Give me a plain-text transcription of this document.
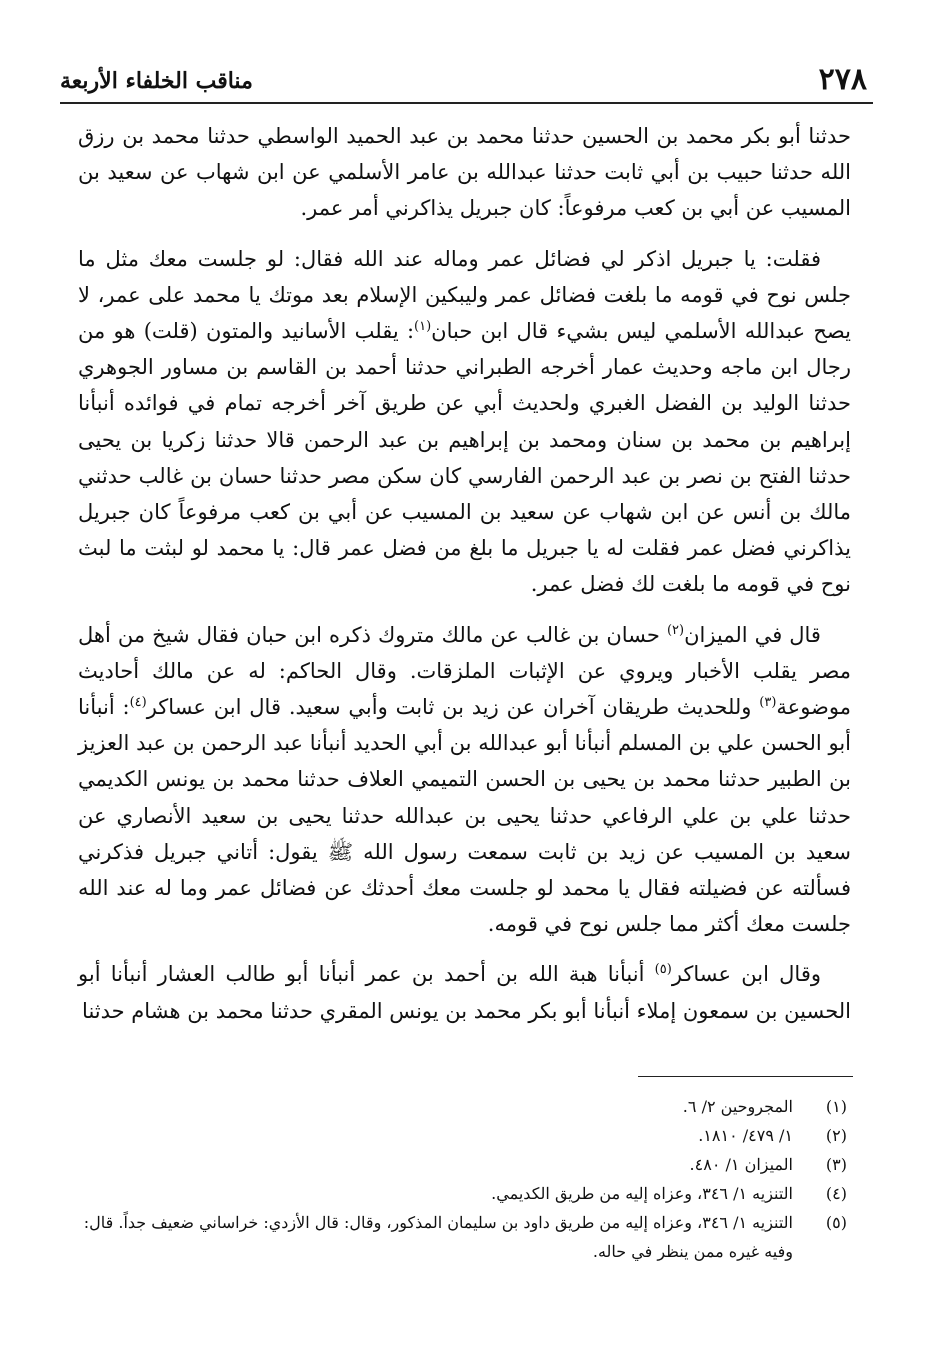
٢٧٨
مناقب الخلفاء الأربعة

حدثنا أبو بكر محمد بن الحسين حدثنا محمد بن عبد الحميد الواسطي حدثنا محمد بن رزق الله حدثنا حبيب بن أبي ثابت حدثنا عبدالله بن عامر الأسلمي عن ابن شهاب عن سعيد بن المسيب عن أبي بن كعب مرفوعاً: كان جبريل يذاكرني أمر عمر.

فقلت: يا جبريل اذكر لي فضائل عمر وماله عند الله فقال: لو جلست معك مثل ما جلس نوح في قومه ما بلغت فضائل عمر وليبكين الإسلام بعد موتك يا محمد على عمر، لا يصح عبدالله الأسلمي ليس بشيء قال ابن حبان$^{(١)}$: يقلب الأسانيد والمتون (قلت) هو من رجال ابن ماجه وحديث عمار أخرجه الطبراني حدثنا أحمد بن القاسم بن مساور الجوهري حدثنا الوليد بن الفضل الغبري ولحديث أبي عن طريق آخر أخرجه تمام في فوائده أنبأنا إبراهيم بن محمد بن سنان ومحمد بن إبراهيم بن عبد الرحمن قالا حدثنا زكريا بن يحيى حدثنا الفتح بن نصر بن عبد الرحمن الفارسي كان سكن مصر حدثنا حسان بن غالب حدثني مالك بن أنس عن ابن شهاب عن سعيد بن المسيب عن أبي بن كعب مرفوعاً كان جبريل يذاكرني فضل عمر فقلت له يا جبريل ما بلغ من فضل عمر قال: يا محمد لو لبثت ما لبث نوح في قومه ما بلغت لك فضل عمر.

قال في الميزان$^{(٢)}$ حسان بن غالب عن مالك متروك ذكره ابن حبان فقال شيخ من أهل مصر يقلب الأخبار ويروي عن الإثبات الملزقات. وقال الحاكم: له عن مالك أحاديث موضوعة$^{(٣)}$ وللحديث طريقان آخران عن زيد بن ثابت وأبي سعيد. قال ابن عساكر$^{(٤)}$: أنبأنا أبو الحسن علي بن المسلم أنبأنا أبو عبدالله بن أبي الحديد أنبأنا عبد الرحمن بن عبد العزيز بن الطبير حدثنا محمد بن يحيى بن الحسن التميمي العلاف حدثنا محمد بن يونس الكديمي حدثنا علي بن علي الرفاعي حدثنا يحيى بن عبدالله حدثنا يحيى بن سعيد الأنصاري عن سعيد بن المسيب عن زيد بن ثابت سمعت رسول الله ﷺ يقول: أتاني جبريل فذكرني فسألته عن فضيلته فقال يا محمد لو جلست معك أحدثك عن فضائل عمر وما له عند الله جلست معك أكثر مما جلس نوح في قومه.

وقال ابن عساكر$^{(٥)}$ أنبأنا هبة الله بن أحمد بن عمر أنبأنا أبو طالب العشار أنبأنا أبو الحسين بن سمعون إملاء أنبأنا أبو بكر محمد بن يونس المقري حدثنا محمد بن هشام حدثنا

(١)
المجروحين ٢/ ٦.
(٢)
١/ ٤٧٩/ ١٨١٠.
(٣)
الميزان ١/ ٤٨٠.
(٤)
التنزيه ١/ ٣٤٦، وعزاه إليه من طريق الكديمي.
(٥)
التنزيه ١/ ٣٤٦، وعزاه إليه من طريق داود بن سليمان المذكور، وقال: قال الأزدي: خراساني ضعيف جداً. قال: وفيه غيره ممن ينظر في حاله.
